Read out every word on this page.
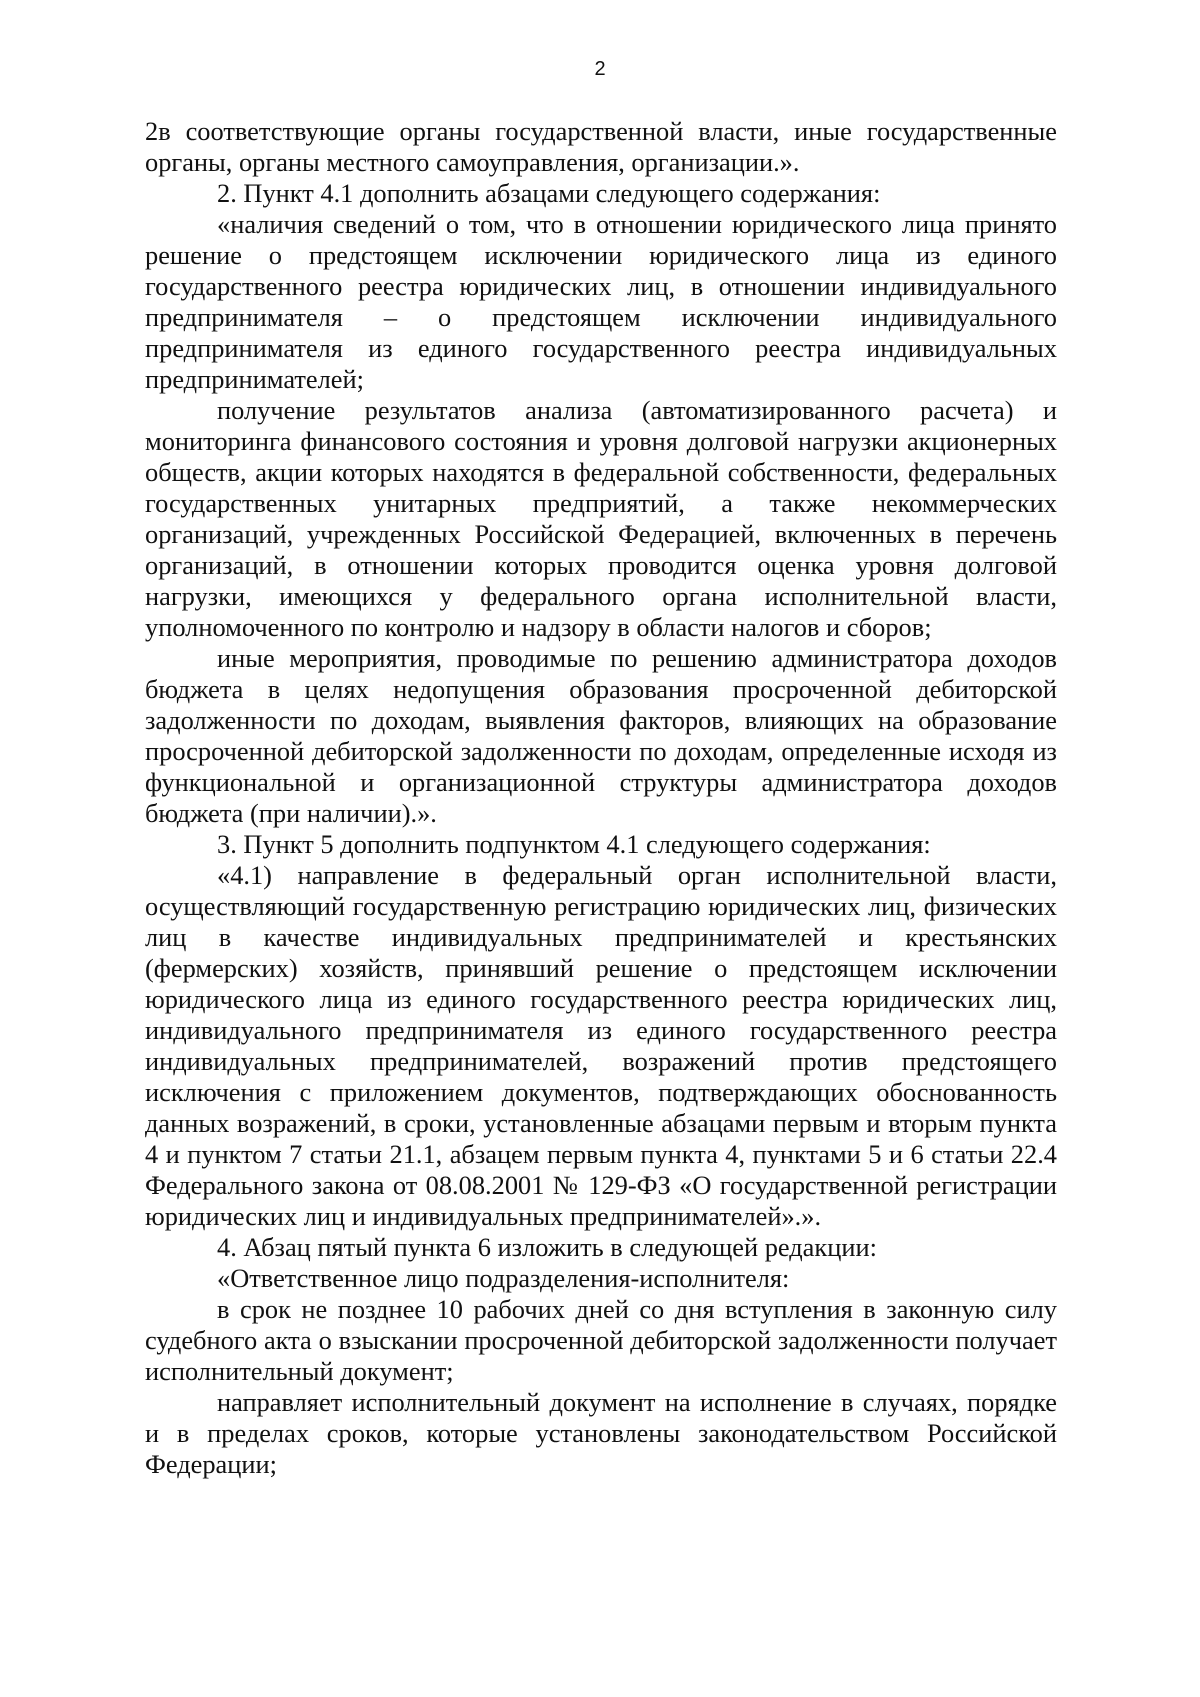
2

2в соответствующие органы государственной власти, иные государственные органы, органы местного самоуправления, организации.».

2. Пункт 4.1 дополнить абзацами следующего содержания:

«наличия сведений о том, что в отношении юридического лица принято решение о предстоящем исключении юридического лица из единого государственного реестра юридических лиц, в отношении индивидуального предпринимателя – о предстоящем исключении индивидуального предпринимателя из единого государственного реестра индивидуальных предпринимателей;

получение результатов анализа (автоматизированного расчета) и мониторинга финансового состояния и уровня долговой нагрузки акционерных обществ, акции которых находятся в федеральной собственности, федеральных государственных унитарных предприятий, а также некоммерческих организаций, учрежденных Российской Федерацией, включенных в перечень организаций, в отношении которых проводится оценка уровня долговой нагрузки, имеющихся у федерального органа исполнительной власти, уполномоченного по контролю и надзору в области налогов и сборов;

иные мероприятия, проводимые по решению администратора доходов бюджета в целях недопущения образования просроченной дебиторской задолженности по доходам, выявления факторов, влияющих на образование просроченной дебиторской задолженности по доходам, определенные исходя из функциональной и организационной структуры администратора доходов бюджета (при наличии).».

3. Пункт 5 дополнить подпунктом 4.1 следующего содержания:

«4.1) направление в федеральный орган исполнительной власти, осуществляющий государственную регистрацию юридических лиц, физических лиц в качестве индивидуальных предпринимателей и крестьянских (фермерских) хозяйств, принявший решение о предстоящем исключении юридического лица из единого государственного реестра юридических лиц, индивидуального предпринимателя из единого государственного реестра индивидуальных предпринимателей, возражений против предстоящего исключения с приложением документов, подтверждающих обоснованность данных возражений, в сроки, установленные абзацами первым и вторым пункта 4 и пунктом 7 статьи 21.1, абзацем первым пункта 4, пунктами 5 и 6 статьи 22.4 Федерального закона от 08.08.2001 № 129-ФЗ «О государственной регистрации юридических лиц и индивидуальных предпринимателей».».

4. Абзац пятый пункта 6 изложить в следующей редакции:

«Ответственное лицо подразделения-исполнителя:

в срок не позднее 10 рабочих дней со дня вступления в законную силу судебного акта о взыскании просроченной дебиторской задолженности получает исполнительный документ;

направляет исполнительный документ на исполнение в случаях, порядке и в пределах сроков, которые установлены законодательством Российской Федерации;
